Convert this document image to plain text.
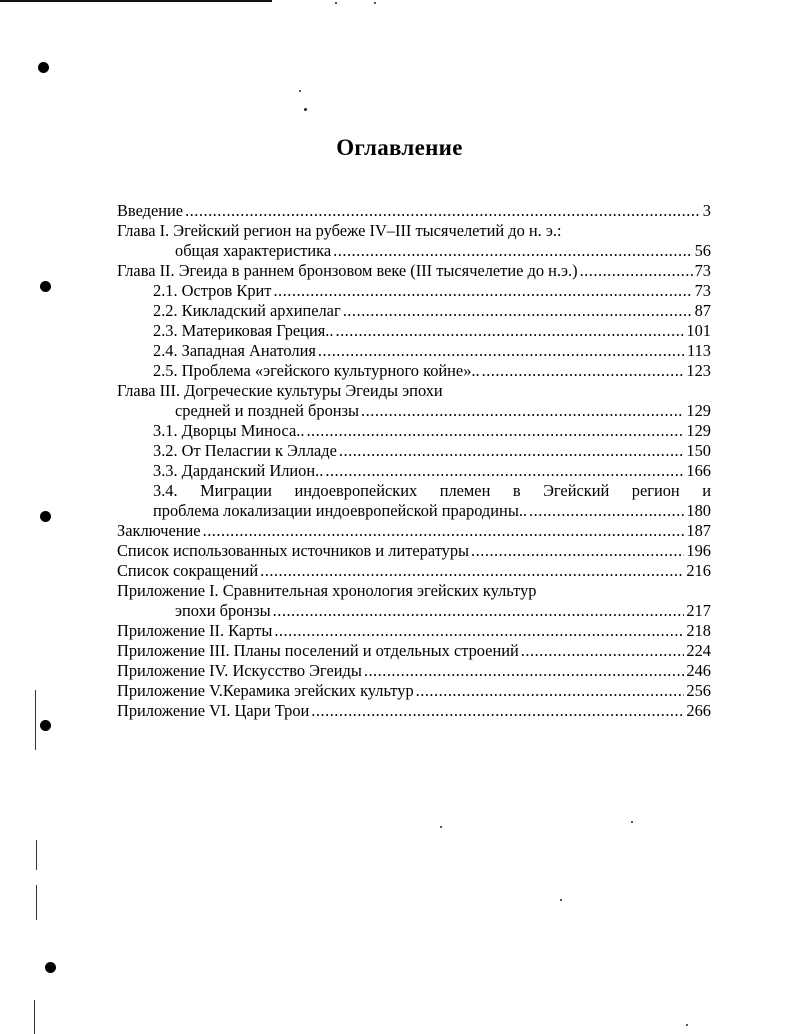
Оглавление
Введение .....	3
Глава I. Эгейский регион на рубеже IV–III тысячелетий до н. э.:
общая характеристика .....	56
Глава II. Эгеида в раннем бронзовом веке (III тысячелетие до н.э.) .....	73
2.1. Остров Крит .....	73
2.2. Кикладский архипелаг .....	87
2.3. Материковая Греция.. .....	101
2.4. Западная Анатолия .....	113
2.5. Проблема «эгейского культурного койне».. .....	123
Глава III. Догреческие культуры Эгеиды эпохи
средней и поздней бронзы .....	129
3.1. Дворцы Миноса.. .....	129
3.2. От Пеласгии к Элладе .....	150
3.3. Дарданский Илион.. .....	166
3.4. Миграции индоевропейских племен в Эгейский регион и
проблема локализации индоевропейской прародины.. .....	180
Заключение .....	187
Список использованных источников и литературы .....	196
Список сокращений .....	216
Приложение I. Сравнительная хронология эгейских культур
эпохи бронзы .....	217
Приложение II. Карты .....	218
Приложение III. Планы поселений и отдельных строений .....	224
Приложение IV. Искусство Эгеиды .....	246
Приложение V.Керамика эгейских культур .....	256
Приложение VI. Цари Трои .....	266
